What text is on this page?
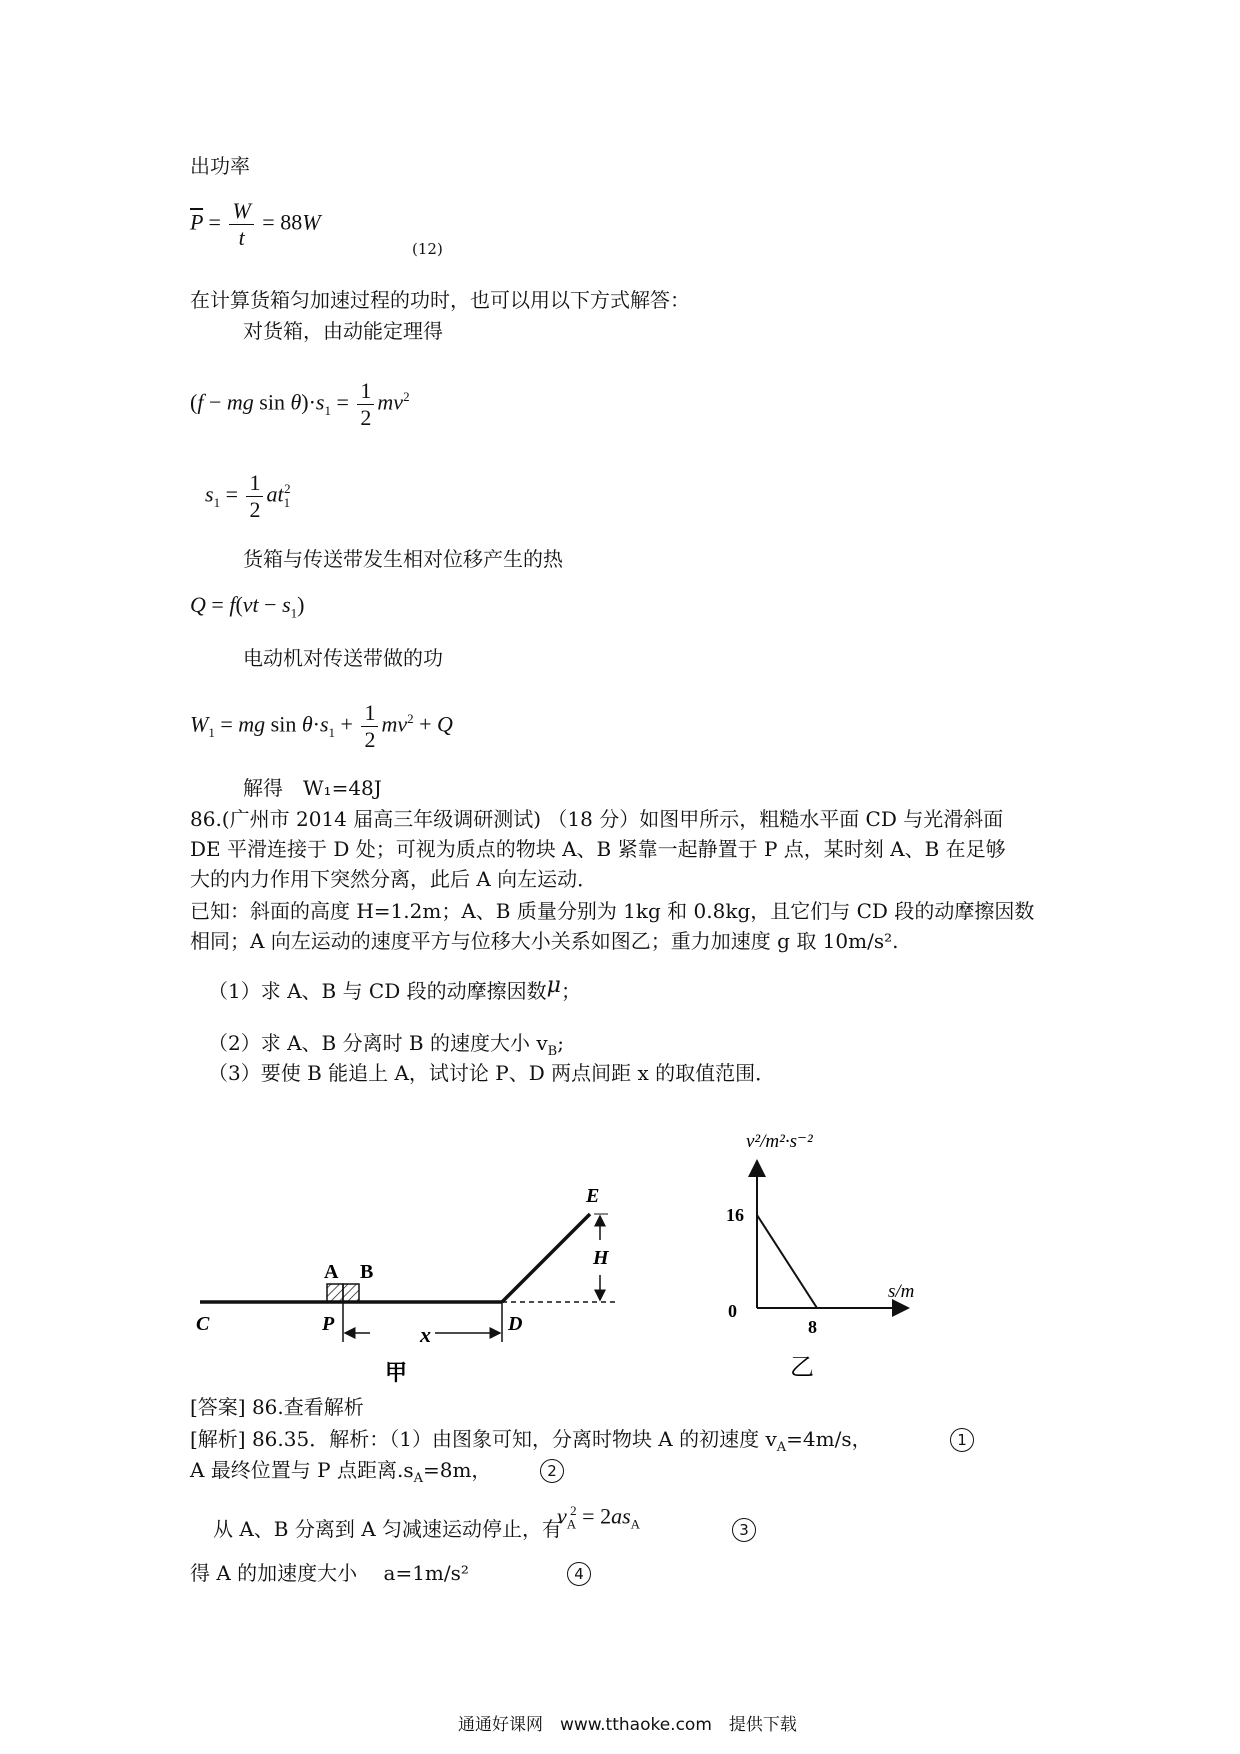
出功率
$\overline{P} = \frac{W}{t} = 88W$
(12)
在计算货箱匀加速过程的功时，也可以用以下方式解答：
对货箱，由动能定理得
(f − mg $\sin \theta)\cdot s_1 = \frac{1}{2} mv^2$
$s_1 = \frac{1}{2} at_1^2$
货箱与传送带发生相对位移产生的热
$Q = f(vt - s_1)$
电动机对传送带做的功
$W_1$ = mg $\sin \theta\cdot s_1 + \frac{1}{2} mv^2 + Q$
解得　W₁=48J
86.(广州市 2014 届高三年级调研测试) （18 分）如图甲所示，粗糙水平面 CD 与光滑斜面
DE 平滑连接于 D 处；可视为质点的物块 A、B 紧靠一起静置于 P 点，某时刻 A、B 在足够
大的内力作用下突然分离，此后 A 向左运动．
已知：斜面的高度 H=1.2m；A、B 质量分别为 1kg 和 0.8kg，且它们与 CD 段的动摩擦因数
相同；A 向左运动的速度平方与位移大小关系如图乙；重力加速度 g 取 10m/s².
（1）求 A、B 与 CD 段的动摩擦因数μ；
（2）求 A、B 分离时 B 的速度大小 $v_B$;
（3）要使 B 能追上 A，试讨论 P、D 两点间距 x 的取值范围．
C	P	D
E
A B
H
x
甲
v²/m²·s⁻²
s/m
0
16
8
乙
[答案] 86.查看解析
[解析] 86.35．解析：（1）由图象可知，分离时物块 A 的初速度 $v_A=4m/s$，	1
A 最终位置与 P 点距离$.s_A=8m$，	2
从 A、B 分离到 A 匀减速运动停止，有
$v_A^2 = 2as_A$	3
得 A 的加速度大小　 a=1m/s²	4
通通好课网　www.tthaoke.com　提供下载
